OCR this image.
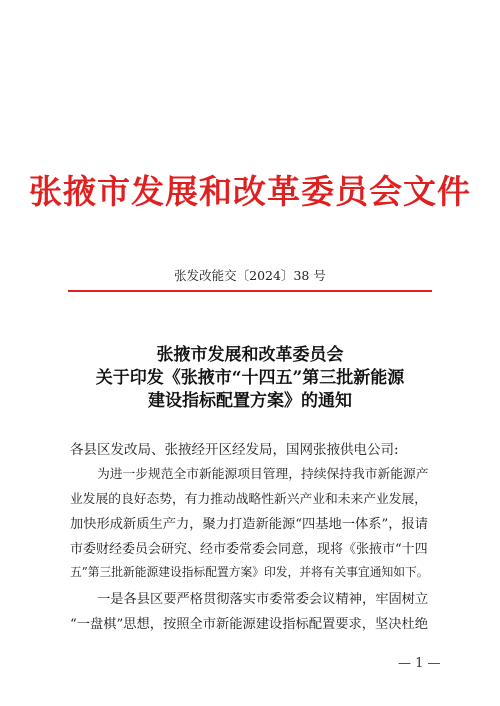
张掖市发展和改革委员会文件
张发改能交〔2024〕38 号
张掖市发展和改革委员会
关于印发《张掖市“十四五”第三批新能源
建设指标配置方案》的通知
各县区发改局、张掖经开区经发局，国网张掖供电公司:
为进一步规范全市新能源项目管理，持续保持我市新能源产
业发展的良好态势，有力推动战略性新兴产业和未来产业发展，
加快形成新质生产力，聚力打造新能源“四基地一体系”，报请
市委财经委员会研究、经市委常委会同意，现将《张掖市“十四
五”第三批新能源建设指标配置方案》印发，并将有关事宜通知如下。
一是各县区要严格贯彻落实市委常委会议精神，牢固树立
“一盘棋”思想，按照全市新能源建设指标配置要求，坚决杜绝
— 1 —
